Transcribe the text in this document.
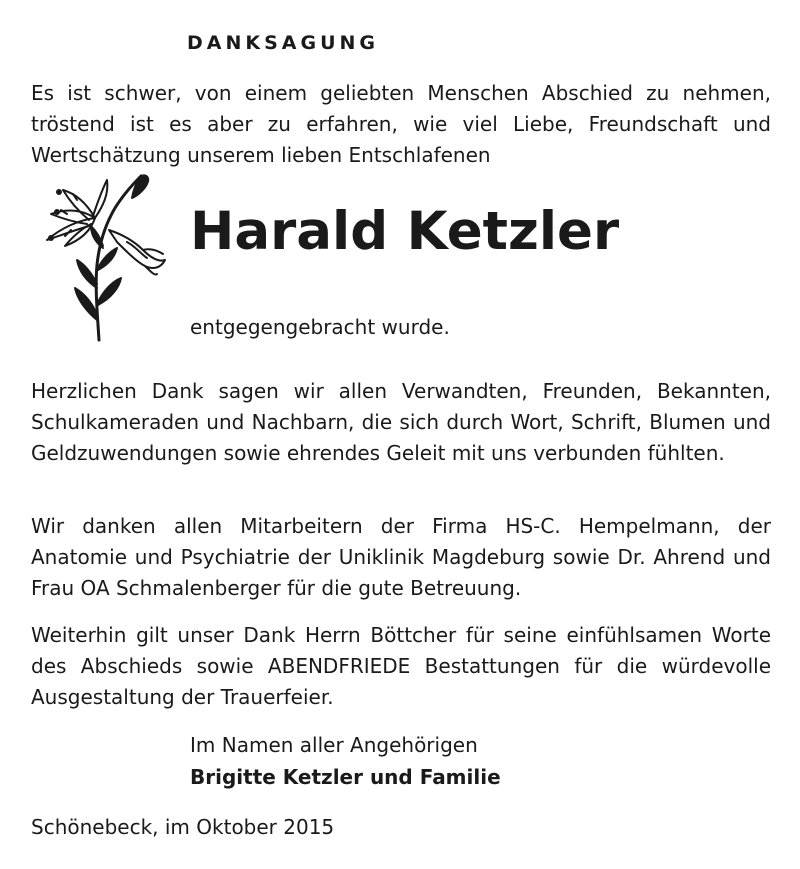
DANKSAGUNG

Es ist schwer, von einem geliebten Menschen Abschied zu nehmen, tröstend ist es aber zu erfahren, wie viel Liebe, Freundschaft und Wertschätzung unserem lieben Entschlafenen

Harald Ketzler
entgegengebracht wurde.

Herzlichen Dank sagen wir allen Verwandten, Freunden, Bekannten, Schulkameraden und Nachbarn, die sich durch Wort, Schrift, Blumen und Geldzuwendungen sowie ehrendes Geleit mit uns verbunden fühlten.

Wir danken allen Mitarbeitern der Firma HS-C. Hempelmann, der Anatomie und Psychiatrie der Uniklinik Magdeburg sowie Dr. Ahrend und Frau OA Schmalenberger für die gute Betreuung.

Weiterhin gilt unser Dank Herrn Böttcher für seine einfühlsamen Worte des Abschieds sowie ABENDFRIEDE Bestattungen für die würdevolle Ausgestaltung der Trauerfeier.

Im Namen aller Angehörigen
Brigitte Ketzler und Familie
Schönebeck, im Oktober 2015
